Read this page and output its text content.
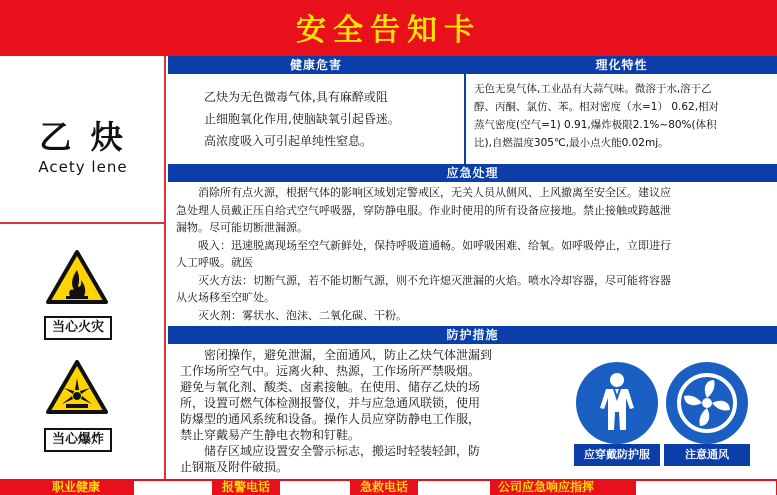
安全告知卡
乙 炔
Acety lene
当心火灾
当心爆炸
健康危害
乙炔为无色微毒气体,具有麻醉或阻
止细胞氧化作用,使脑缺氧引起昏迷。
高浓度吸入可引起单纯性窒息。
理化特性
无色无臭气体,工业品有大蒜气味。微溶于水,溶于乙
醇、丙酮、氯仿、苯。相对密度（水=1） 0.62,相对
蒸气密度(空气=1) 0.91,爆炸极限2.1%~80%(体积
比),自燃温度305℃,最小点火能0.02mj。
应急处理
消除所有点火源，根据气体的影响区域划定警戒区，无关人员从侧风、上风撤离至安全区。建议应
急处理人员戴正压自给式空气呼吸器，穿防静电服。作业时使用的所有设备应接地。禁止接触或跨越泄
漏物。尽可能切断泄漏源。
吸入：迅速脱离现场至空气新鲜处，保持呼吸道通畅。如呼吸困难、给氧。如呼吸停止，立即进行
人工呼吸。就医
灭火方法：切断气源，若不能切断气源，则不允许熄灭泄漏的火焰。喷水冷却容器，尽可能将容器
从火场移至空旷处。
灭火剂：雾状水、泡沫、二氧化碳、干粉。
防护措施
密闭操作，避免泄漏，全面通风，防止乙炔气体泄漏到
工作场所空气中。远离火种、热源，工作场所严禁吸烟。
避免与氧化剂、酸类、卤素接触。在使用、储存乙炔的场
所，设置可燃气体检测报警仪，并与应急通风联锁，使用
防爆型的通风系统和设备。操作人员应穿防静电工作服，
禁止穿戴易产生静电衣物和钉鞋。
储存区域应设置安全警示标志，搬运时轻装轻卸，防
止钢瓶及附件破损。
应穿戴防护服	注意通风
职业健康	报警电话	急救电话	公司应急响应指挥
